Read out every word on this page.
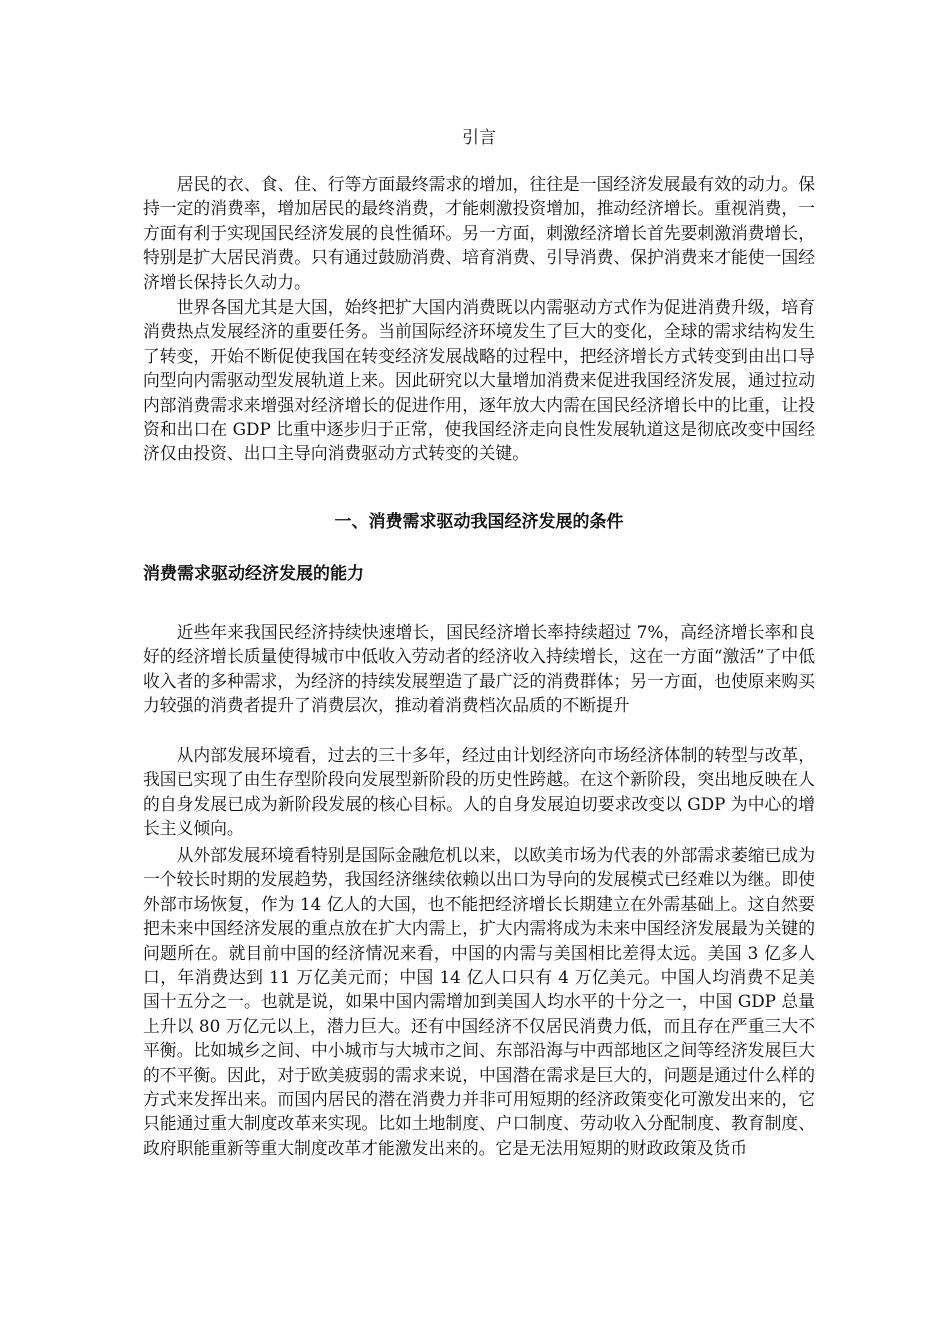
引言

居民的衣、食、住、行等方面最终需求的增加，往往是一国经济发展最有效的动力。保持一定的消费率，增加居民的最终消费，才能刺激投资增加，推动经济增长。重视消费，一方面有利于实现国民经济发展的良性循环。另一方面，刺激经济增长首先要刺激消费增长，特别是扩大居民消费。只有通过鼓励消费、培育消费、引导消费、保护消费来才能使一国经济增长保持长久动力。

世界各国尤其是大国，始终把扩大国内消费既以内需驱动方式作为促进消费升级，培育消费热点发展经济的重要任务。当前国际经济环境发生了巨大的变化，全球的需求结构发生了转变，开始不断促使我国在转变经济发展战略的过程中，把经济增长方式转变到由出口导向型向内需驱动型发展轨道上来。因此研究以大量增加消费来促进我国经济发展，通过拉动内部消费需求来增强对经济增长的促进作用，逐年放大内需在国民经济增长中的比重，让投资和出口在 GDP 比重中逐步归于正常，使我国经济走向良性发展轨道这是彻底改变中国经济仅由投资、出口主导向消费驱动方式转变的关键。

一、消费需求驱动我国经济发展的条件
消费需求驱动经济发展的能力

近些年来我国民经济持续快速增长，国民经济增长率持续超过 7%，高经济增长率和良好的经济增长质量使得城市中低收入劳动者的经济收入持续增长，这在一方面“激活”了中低收入者的多种需求，为经济的持续发展塑造了最广泛的消费群体；另一方面，也使原来购买力较强的消费者提升了消费层次，推动着消费档次品质的不断提升

从内部发展环境看，过去的三十多年，经过由计划经济向市场经济体制的转型与改革，我国已实现了由生存型阶段向发展型新阶段的历史性跨越。在这个新阶段，突出地反映在人的自身发展已成为新阶段发展的核心目标。人的自身发展迫切要求改变以 GDP 为中心的增长主义倾向。

从外部发展环境看特别是国际金融危机以来，以欧美市场为代表的外部需求萎缩已成为一个较长时期的发展趋势，我国经济继续依赖以出口为导向的发展模式已经难以为继。即使外部市场恢复，作为 14 亿人的大国，也不能把经济增长长期建立在外需基础上。这自然要把未来中国经济发展的重点放在扩大内需上，扩大内需将成为未来中国经济发展最为关键的问题所在。就目前中国的经济情况来看，中国的内需与美国相比差得太远。美国 3 亿多人口，年消费达到 11 万亿美元而；中国 14 亿人口只有 4 万亿美元。中国人均消费不足美国十五分之一。也就是说，如果中国内需增加到美国人均水平的十分之一，中国 GDP 总量上升以 80 万亿元以上，潜力巨大。还有中国经济不仅居民消费力低，而且存在严重三大不平衡。比如城乡之间、中小城市与大城市之间、东部沿海与中西部地区之间等经济发展巨大的不平衡。因此，对于欧美疲弱的需求来说，中国潜在需求是巨大的，问题是通过什么样的方式来发挥出来。而国内居民的潜在消费力并非可用短期的经济政策变化可激发出来的，它只能通过重大制度改革来实现。比如土地制度、户口制度、劳动收入分配制度、教育制度、政府职能重新等重大制度改革才能激发出来的。它是无法用短期的财政政策及货币
